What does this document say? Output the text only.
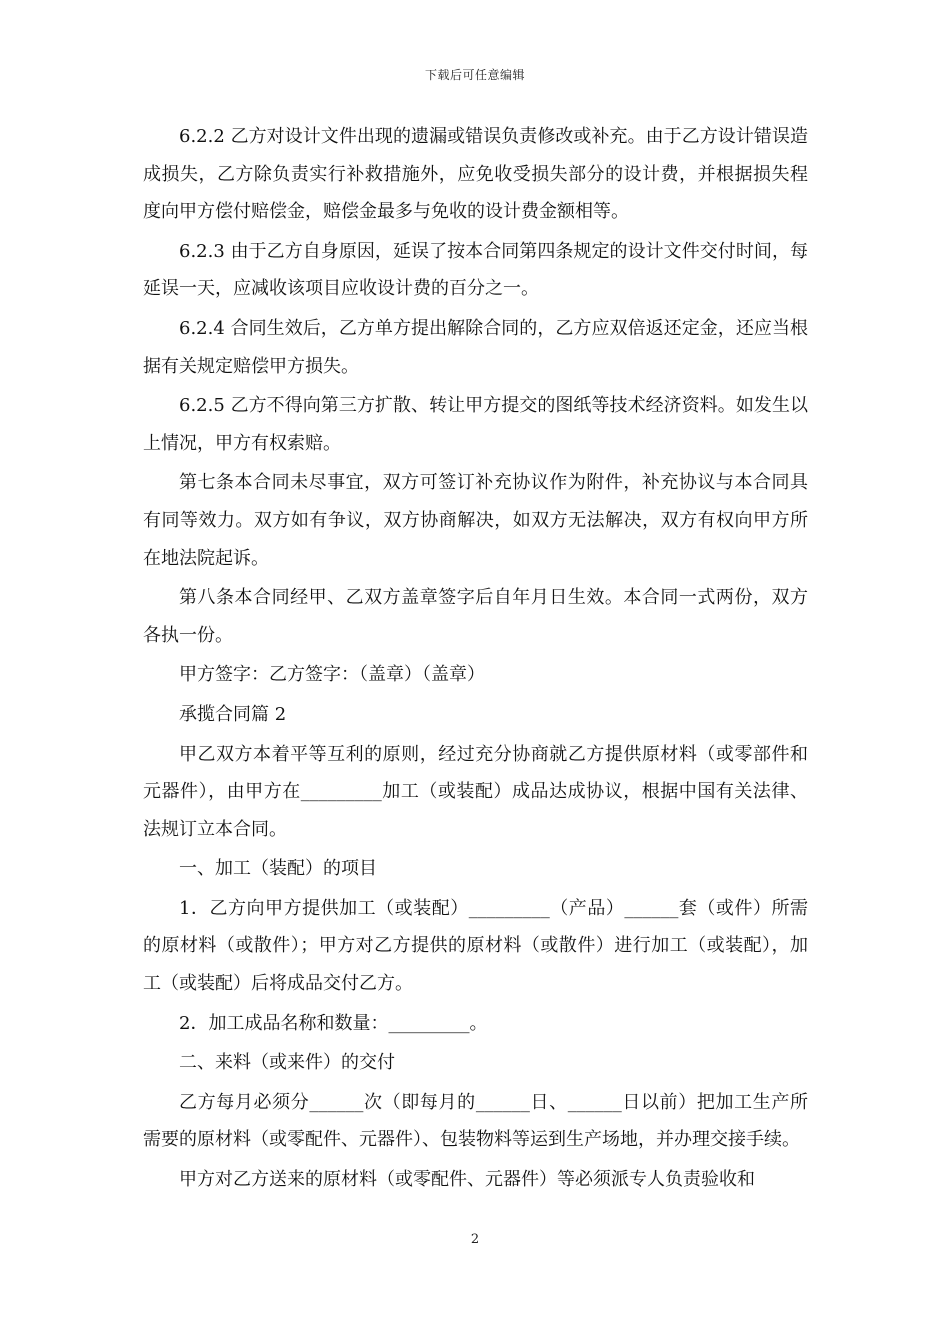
下载后可任意编辑

6.2.2 乙方对设计文件出现的遗漏或错误负责修改或补充。由于乙方设计错误造成损失，乙方除负责实行补救措施外，应免收受损失部分的设计费，并根据损失程度向甲方偿付赔偿金，赔偿金最多与免收的设计费金额相等。

6.2.3 由于乙方自身原因，延误了按本合同第四条规定的设计文件交付时间，每延误一天，应减收该项目应收设计费的百分之一。

6.2.4 合同生效后，乙方单方提出解除合同的，乙方应双倍返还定金，还应当根据有关规定赔偿甲方损失。

6.2.5 乙方不得向第三方扩散、转让甲方提交的图纸等技术经济资料。如发生以上情况，甲方有权索赔。

第七条本合同未尽事宜，双方可签订补充协议作为附件，补充协议与本合同具有同等效力。双方如有争议，双方协商解决，如双方无法解决，双方有权向甲方所在地法院起诉。

第八条本合同经甲、乙双方盖章签字后自年月日生效。本合同一式两份，双方各执一份。

甲方签字：乙方签字：（盖章）（盖章）

承揽合同篇 2

甲乙双方本着平等互利的原则，经过充分协商就乙方提供原材料（或零部件和元器件），由甲方在_________加工（或装配）成品达成协议，根据中国有关法律、法规订立本合同。

一、加工（装配）的项目

1．乙方向甲方提供加工（或装配）_________（产品）______套（或件）所需的原材料（或散件）；甲方对乙方提供的原材料（或散件）进行加工（或装配），加工（或装配）后将成品交付乙方。

2．加工成品名称和数量：_________。

二、来料（或来件）的交付

乙方每月必须分______次（即每月的______日、______日以前）把加工生产所需要的原材料（或零配件、元器件）、包装物料等运到生产场地，并办理交接手续。

甲方对乙方送来的原材料（或零配件、元器件）等必须派专人负责验收和

2
